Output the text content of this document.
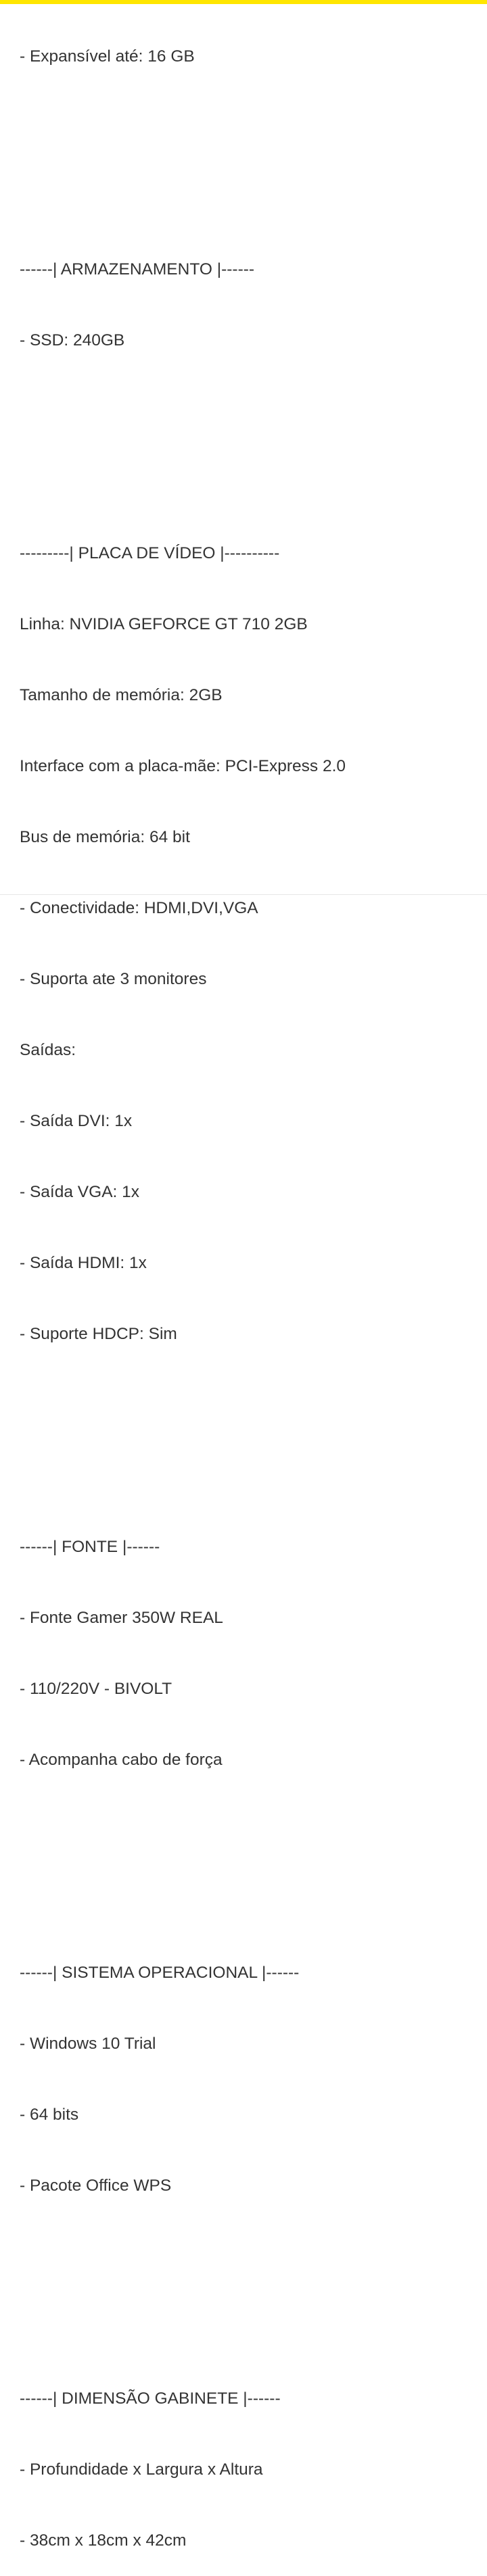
- Expansível até: 16 GB

------| ARMAZENAMENTO |------

- SSD: 240GB

---------| PLACA DE VÍDEO |----------

Linha: NVIDIA GEFORCE GT 710 2GB

Tamanho de memória: 2GB

Interface com a placa-mãe: PCI-Express 2.0

Bus de memória: 64 bit

- Conectividade: HDMI,DVI,VGA

- Suporta ate 3 monitores

Saídas:

- Saída DVI: 1x

- Saída VGA: 1x

- Saída HDMI: 1x

- Suporte HDCP: Sim

------| FONTE |------

- Fonte Gamer 350W REAL

- 110/220V - BIVOLT

- Acompanha cabo de força

------| SISTEMA OPERACIONAL |------

- Windows 10 Trial

- 64 bits

- Pacote Office WPS

------| DIMENSÃO GABINETE |------

- Profundidade x Largura x Altura

- 38cm x 18cm x 42cm
